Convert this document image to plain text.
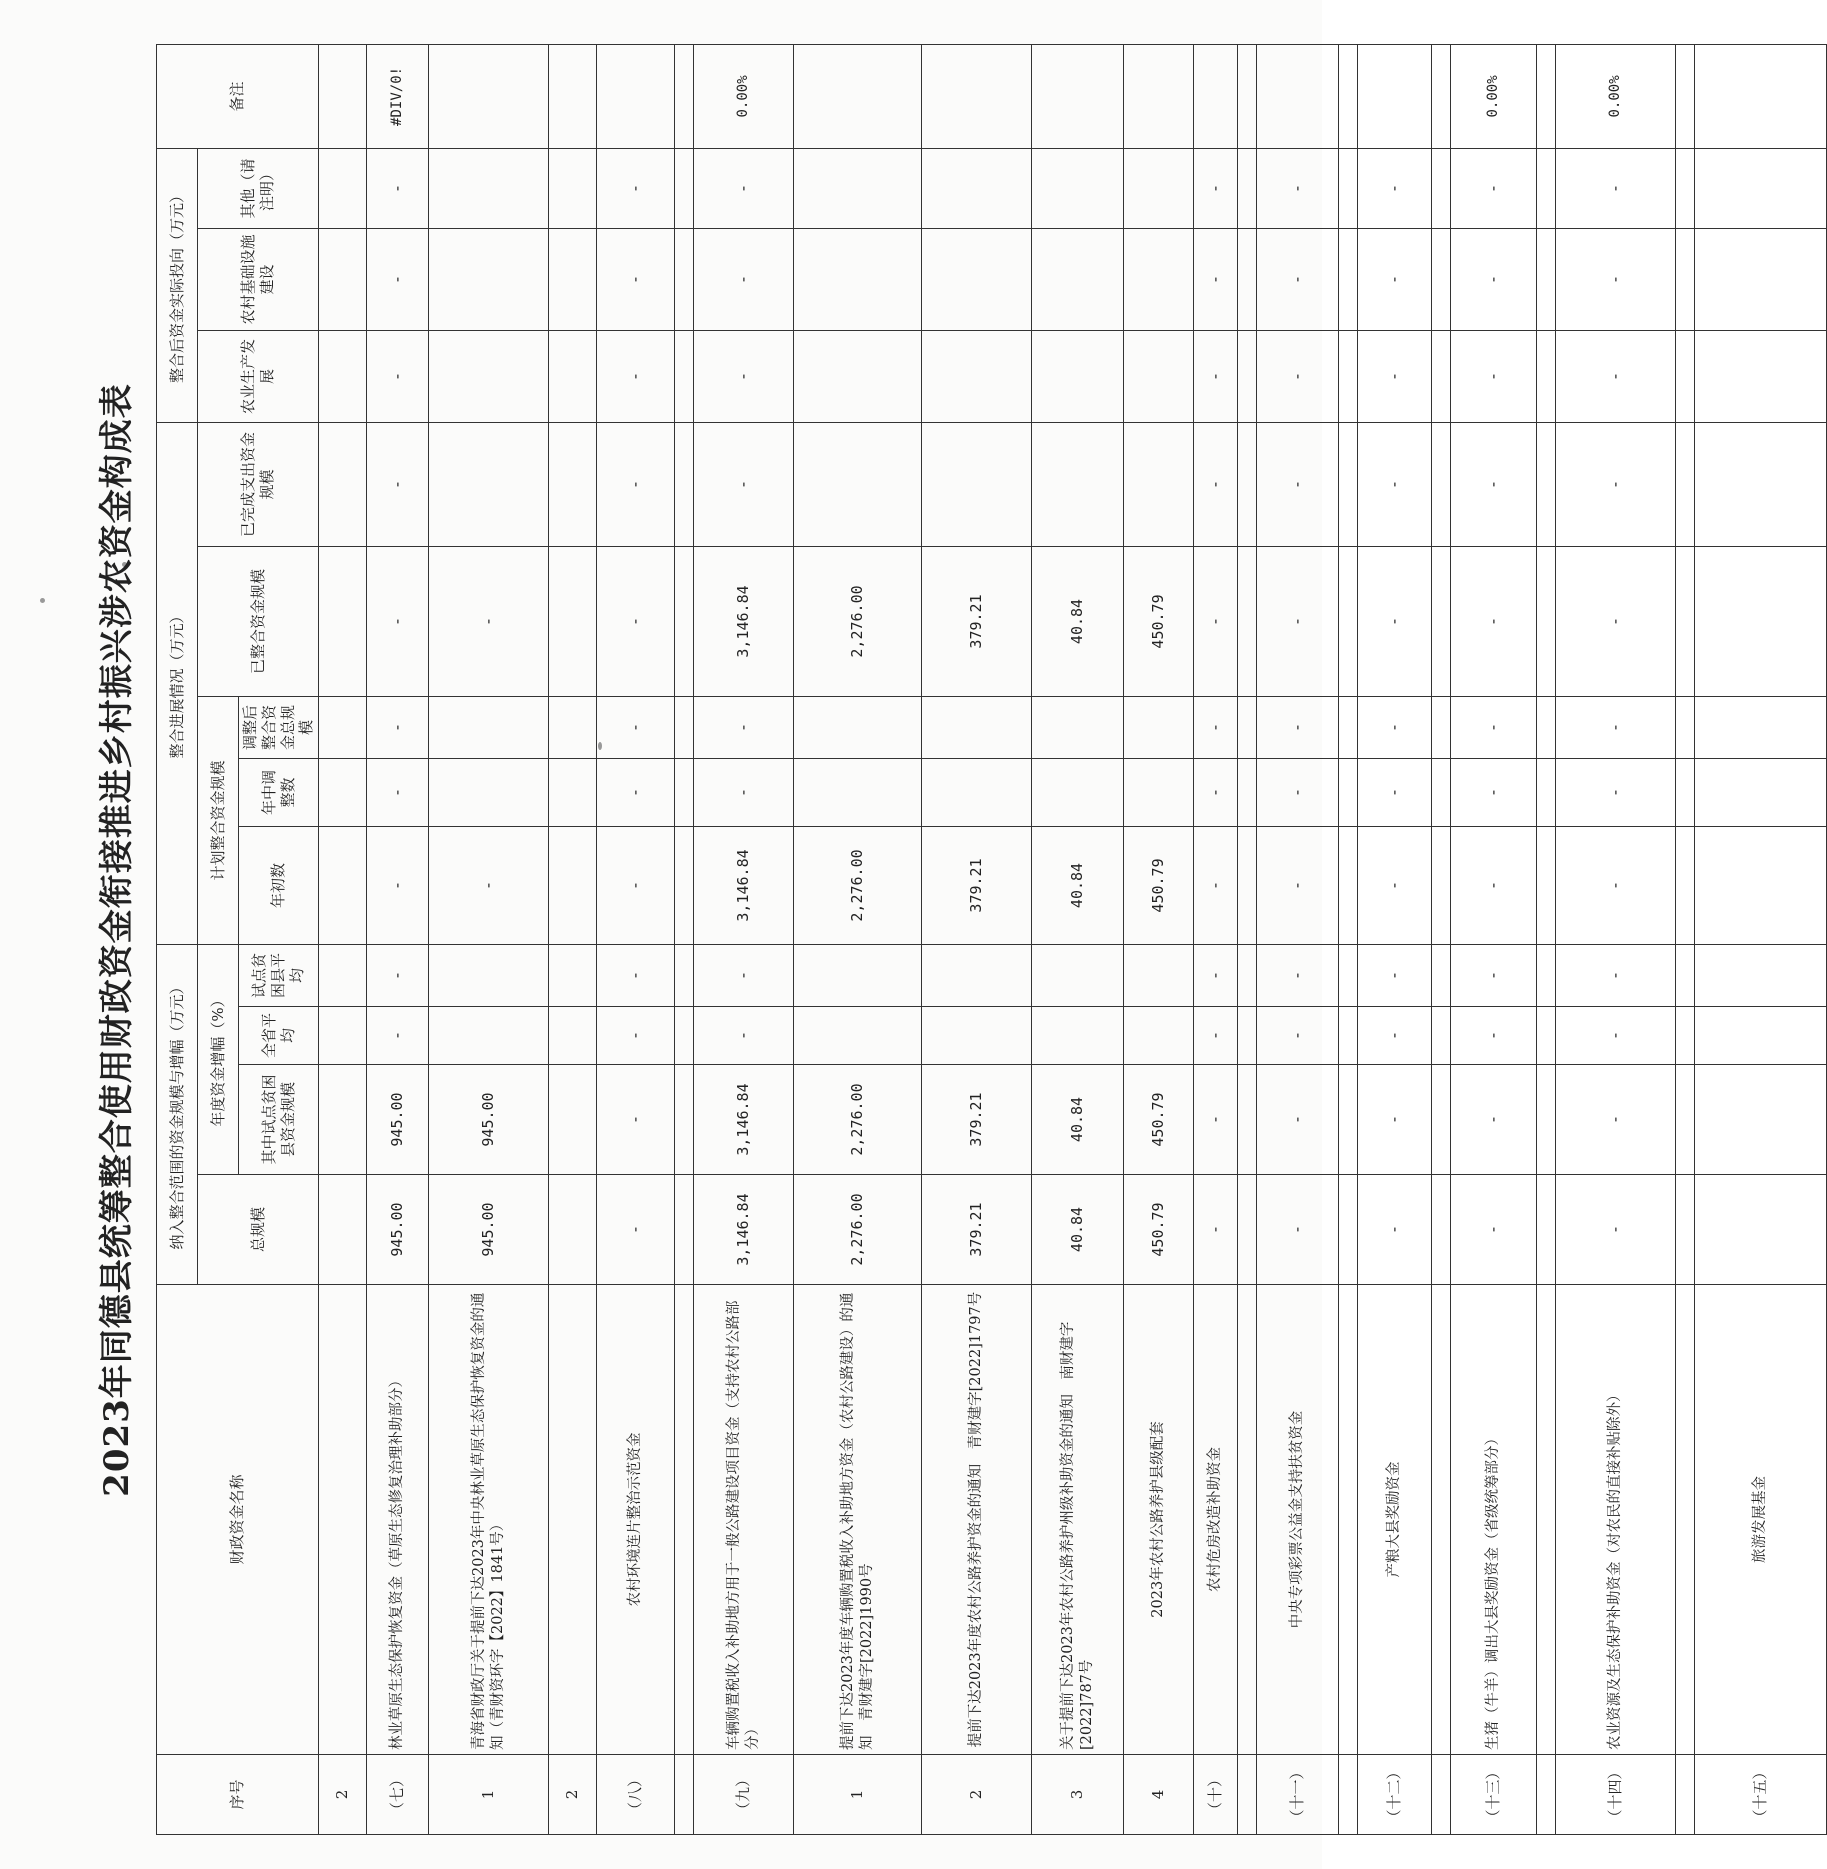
2023年同德县统筹整合使用财政资金衔接推进乡村振兴涉农资金构成表
序号	财政资金名称	纳入整合范围的资金规模与增幅（万元）				整合进展情况（万元）					整合后资金实际投向（万元）			备注
		总规模	年度资金增幅（%）			计划整合资金规模			已整合资金规模	已完成支出资金规模	农业生产发展	农村基础设施建设	其他（请注明）	
			其中试点贫困县资金规模	全省平均	试点贫困县平均	年初数	年中调整数	调整后整合资金总规模						
2														
（七）	林业草原生态保护恢复资金（草原生态修复治理补助部分）	945.00	945.00	-	-	-	-	-	-	-	-	-	-	#DIV/0!
1	青海省财政厅关于提前下达2023年中央林业草原生态保护恢复资金的通知（青财资环字【2022】1841号）	945.00	945.00			-			-					
2														
（八）	农村环境连片整治示范资金	-	-	-	-	-	-	-	-	-	-	-	-	

（九）	车辆购置税收入补助地方用于一般公路建设项目资金（支持农村公路部分）	3,146.84	3,146.84	-	-	3,146.84	-	-	3,146.84	-	-	-	-	0.00%
1	提前下达2023年度车辆购置税收入补助地方资金（农村公路建设）的通知　青财建字[2022]1990号	2,276.00	2,276.00			2,276.00			2,276.00					
2	提前下达2023年度农村公路养护资金的通知　青财建字[2022]1797号	379.21	379.21			379.21			379.21					
3	关于提前下达2023年农村公路养护州级补助资金的通知　南财建字[2022]787号	40.84	40.84			40.84			40.84					
4	2023年农村公路养护县级配套	450.79	450.79			450.79			450.79					
（十）	农村危房改造补助资金	-	-	-	-	-	-	-	-	-	-	-	-	

（十一）	中央专项彩票公益金支持扶贫资金	-	-	-	-	-	-	-	-	-	-	-	-	

（十二）	产粮大县奖励资金	-	-	-	-	-	-	-	-	-	-	-	-	

（十三）	生猪（牛羊）调出大县奖励资金（省级统筹部分）	-	-	-	-	-	-	-	-	-	-	-	-	0.00%

（十四）	农业资源及生态保护补助资金（对农民的直接补贴除外）	-	-	-	-	-	-	-	-	-	-	-	-	0.00%

（十五）	旅游发展基金													
